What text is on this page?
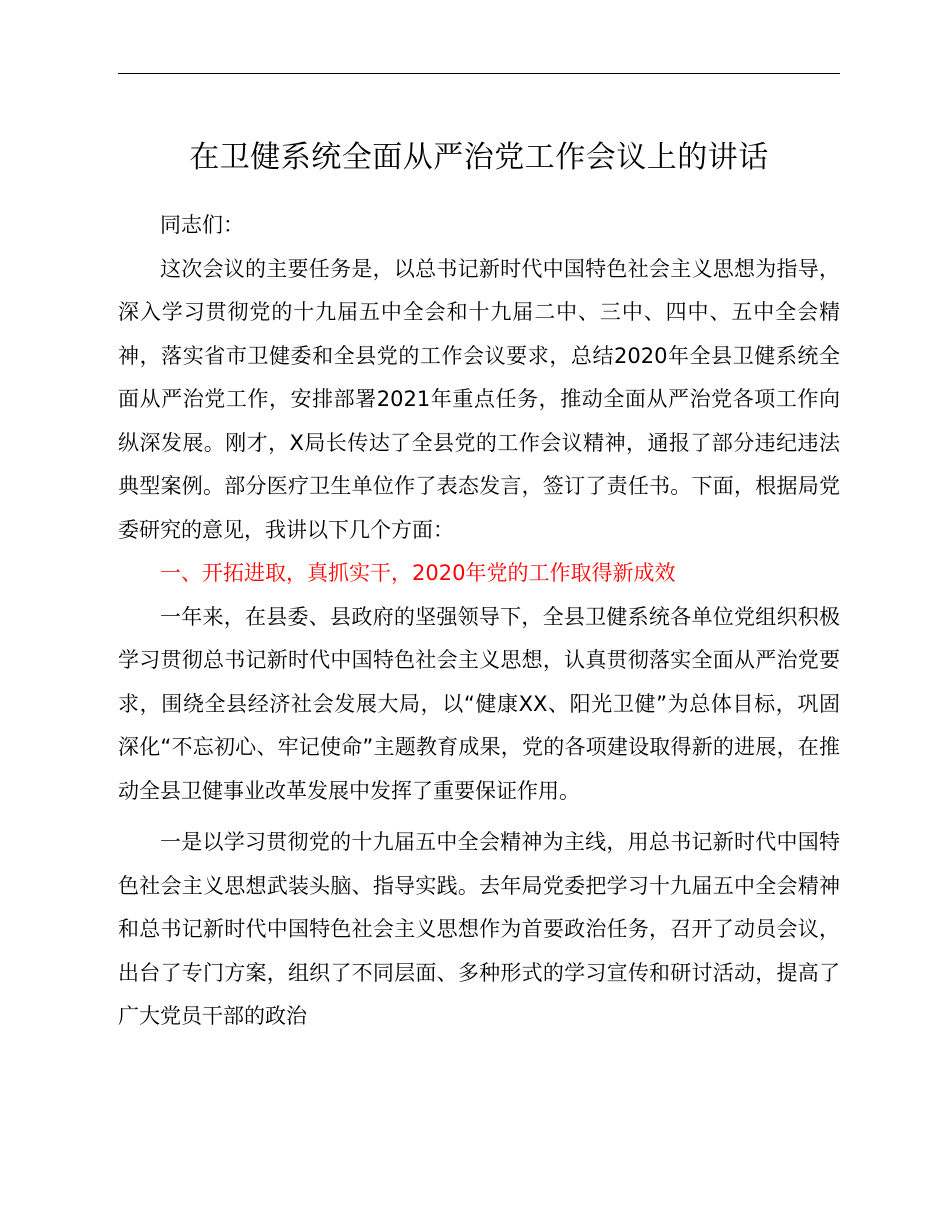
在卫健系统全面从严治党工作会议上的讲话

同志们：

这次会议的主要任务是，以总书记新时代中国特色社会主义思想为指导，深入学习贯彻党的十九届五中全会和十九届二中、三中、四中、五中全会精神，落实省市卫健委和全县党的工作会议要求，总结2020年全县卫健系统全面从严治党工作，安排部署2021年重点任务，推动全面从严治党各项工作向纵深发展。刚才，X局长传达了全县党的工作会议精神，通报了部分违纪违法典型案例。部分医疗卫生单位作了表态发言，签订了责任书。下面，根据局党委研究的意见，我讲以下几个方面：

一、开拓进取，真抓实干，2020年党的工作取得新成效

一年来，在县委、县政府的坚强领导下，全县卫健系统各单位党组织积极学习贯彻总书记新时代中国特色社会主义思想，认真贯彻落实全面从严治党要求，围绕全县经济社会发展大局，以“健康XX、阳光卫健”为总体目标，巩固深化“不忘初心、牢记使命”主题教育成果，党的各项建设取得新的进展，在推动全县卫健事业改革发展中发挥了重要保证作用。

一是以学习贯彻党的十九届五中全会精神为主线，用总书记新时代中国特色社会主义思想武装头脑、指导实践。去年局党委把学习十九届五中全会精神和总书记新时代中国特色社会主义思想作为首要政治任务，召开了动员会议，出台了专门方案，组织了不同层面、多种形式的学习宣传和研讨活动，提高了广大党员干部的政治
